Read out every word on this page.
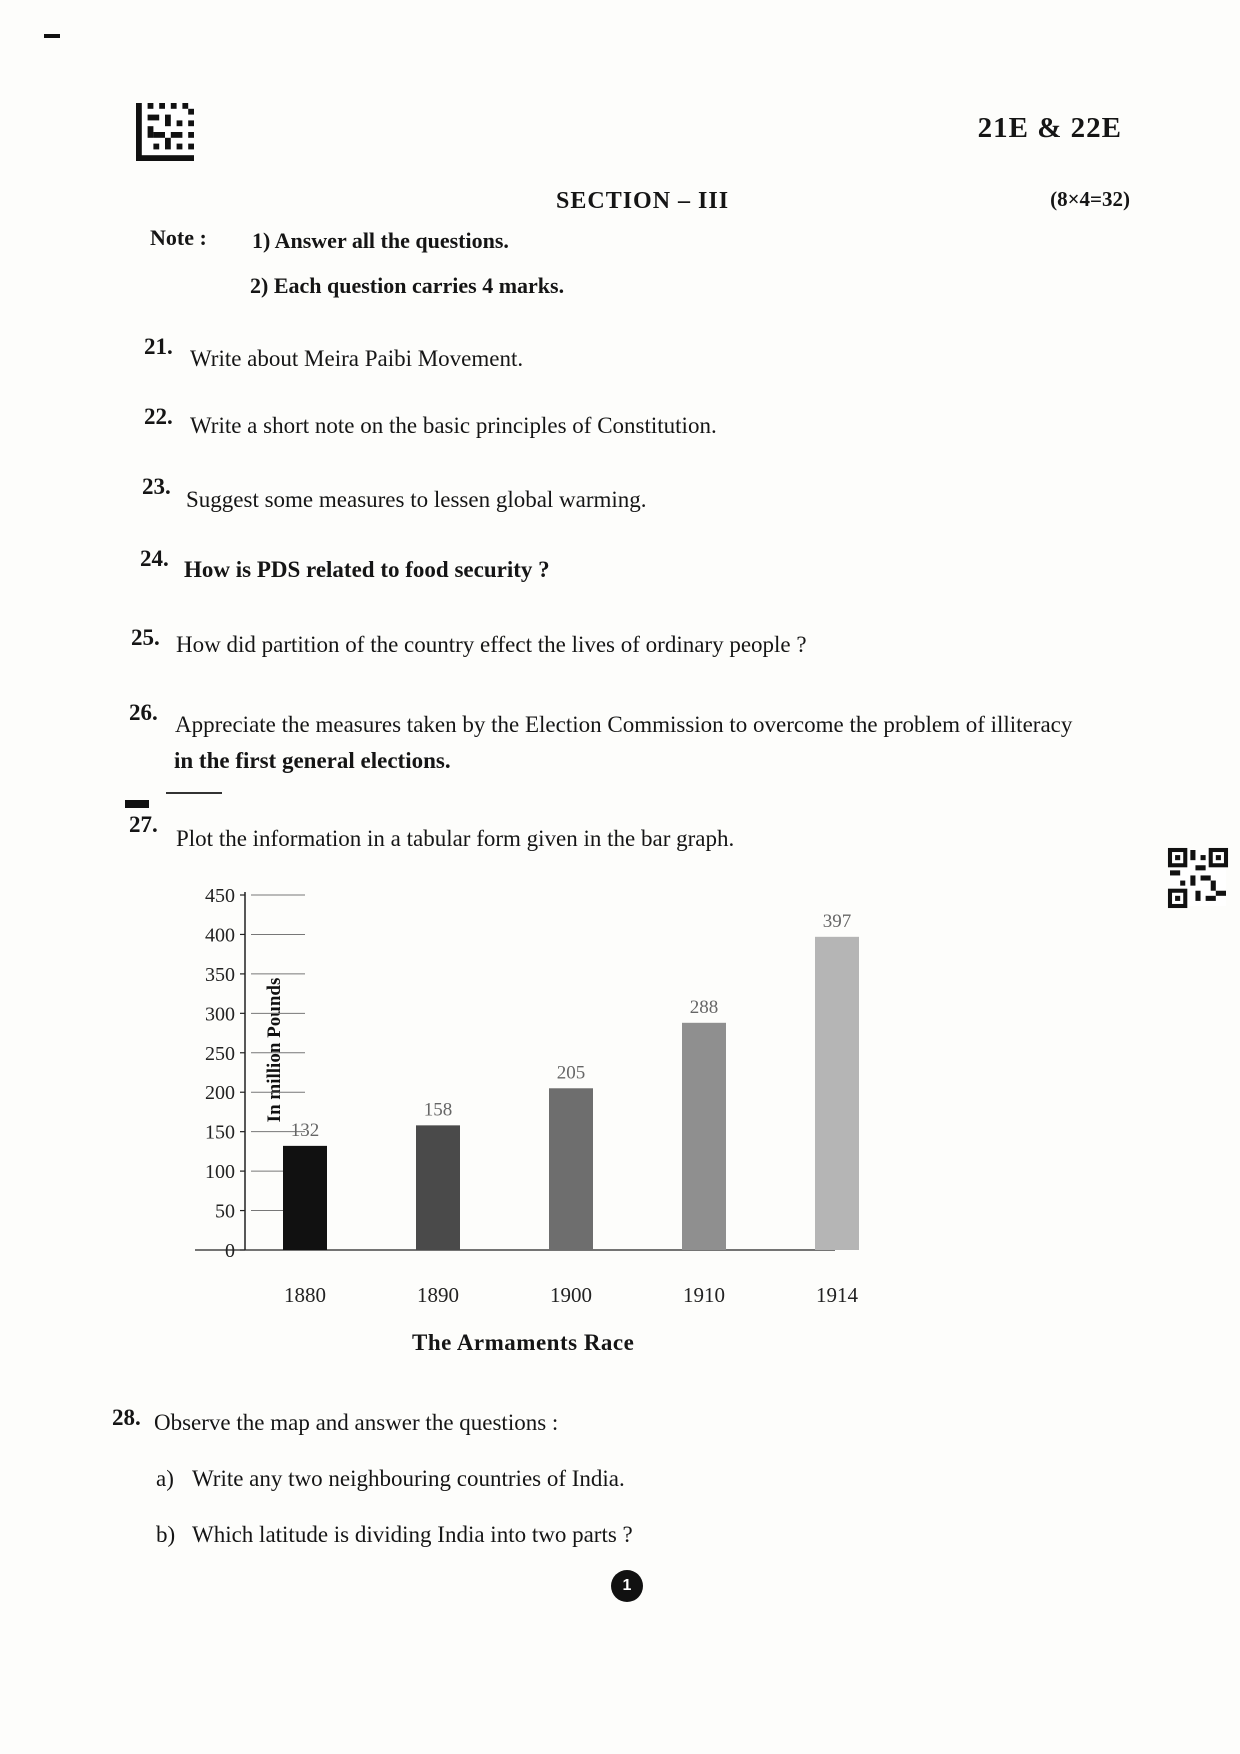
21E & 22E
SECTION – III	(8×4=32)
Note : 1) Answer all the questions.
2) Each question carries 4 marks.
21. Write about Meira Paibi Movement.
22. Write a short note on the basic principles of Constitution.
23.
Suggest some measures to lessen global warming.
24. How is PDS related to food security ?
25. How did partition of the country effect the lives of ordinary people ?
26. Appreciate the measures taken by the Election Commission to overcome the problem of illiteracy
in the first general elections.
27.
Plot the information in a tabular form given in the bar graph.
In million Pounds
0
50
100
150
200
250
300
350
400
450
132
158
205
288
397
1880	1890	1900	1910	1914
The Armaments Race
28. Observe the map and answer the questions :
a) Write any two neighbouring countries of India.
b) Which latitude is dividing India into two parts ?
1
